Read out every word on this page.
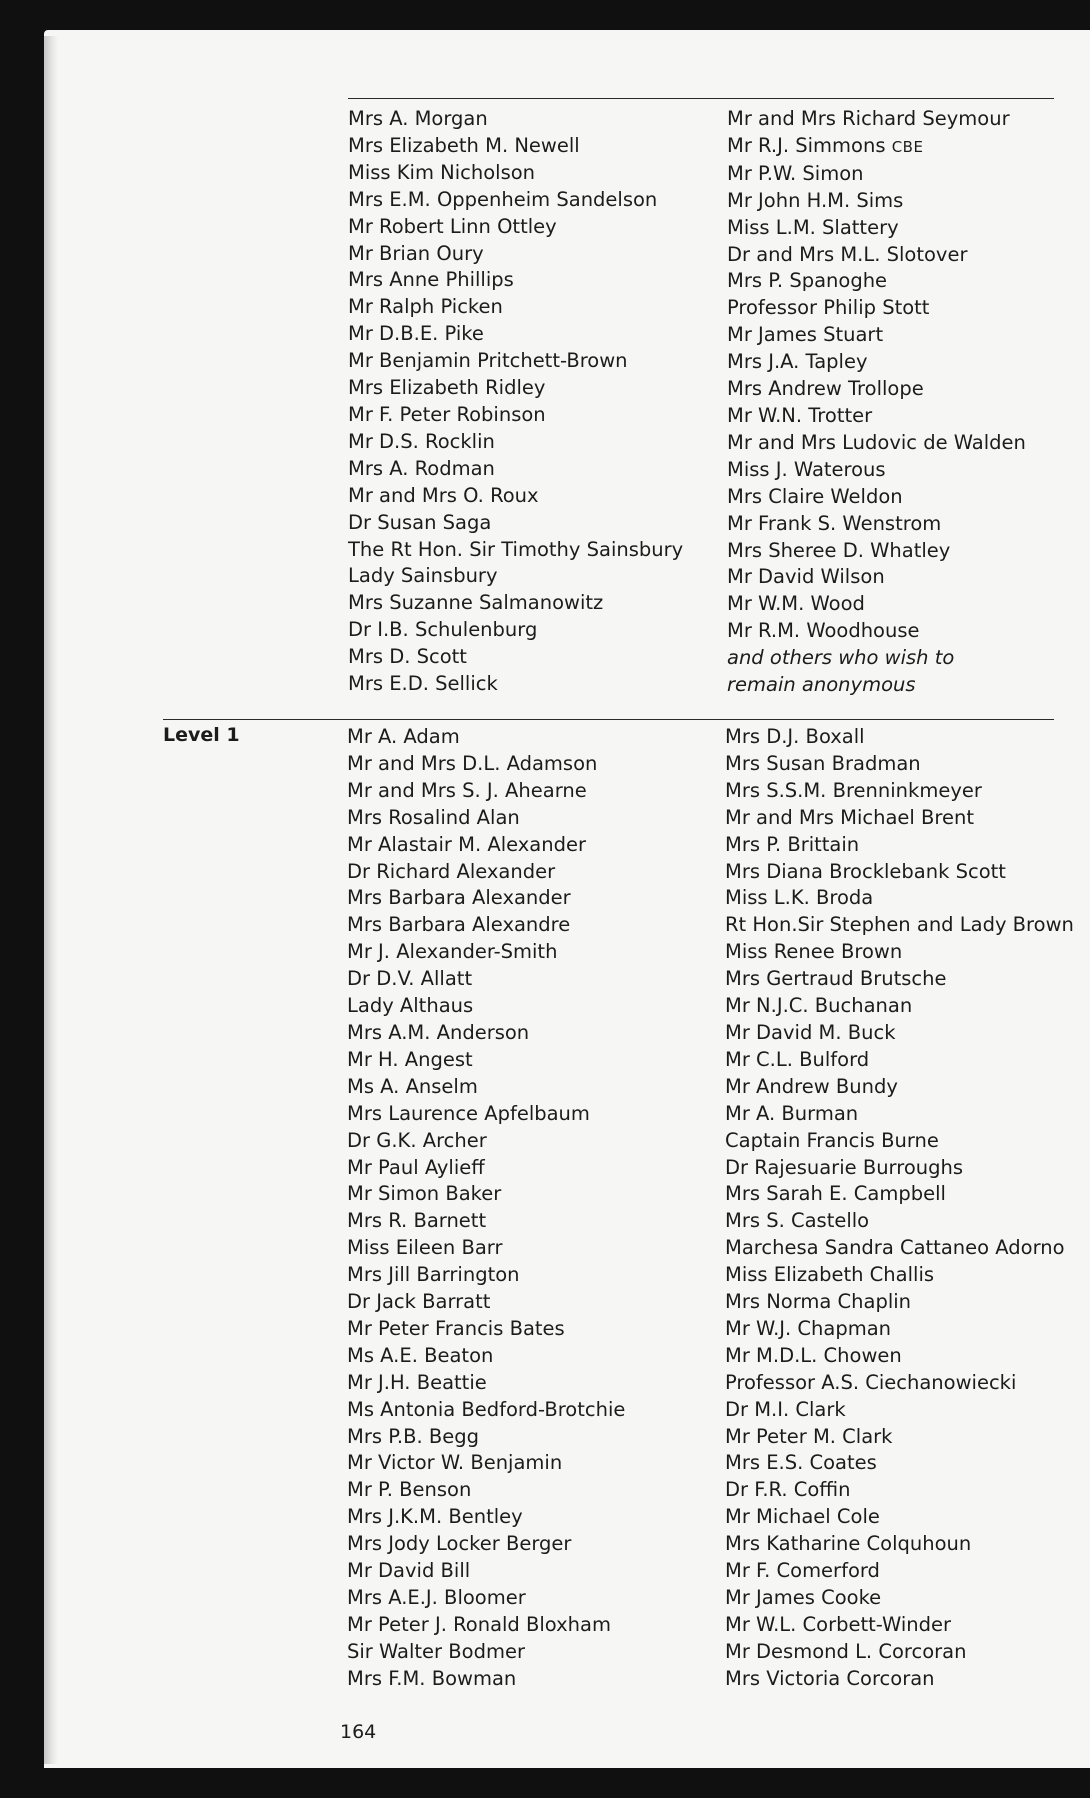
Mrs A. Morgan
Mrs Elizabeth M. Newell
Miss Kim Nicholson
Mrs E.M. Oppenheim Sandelson
Mr Robert Linn Ottley
Mr Brian Oury
Mrs Anne Phillips
Mr Ralph Picken
Mr D.B.E. Pike
Mr Benjamin Pritchett-Brown
Mrs Elizabeth Ridley
Mr F. Peter Robinson
Mr D.S. Rocklin
Mrs A. Rodman
Mr and Mrs O. Roux
Dr Susan Saga
The Rt Hon. Sir Timothy Sainsbury
Lady Sainsbury
Mrs Suzanne Salmanowitz
Dr I.B. Schulenburg
Mrs D. Scott
Mrs E.D. Sellick
Mr and Mrs Richard Seymour
Mr R.J. Simmons CBE
Mr P.W. Simon
Mr John H.M. Sims
Miss L.M. Slattery
Dr and Mrs M.L. Slotover
Mrs P. Spanoghe
Professor Philip Stott
Mr James Stuart
Mrs J.A. Tapley
Mrs Andrew Trollope
Mr W.N. Trotter
Mr and Mrs Ludovic de Walden
Miss J. Waterous
Mrs Claire Weldon
Mr Frank S. Wenstrom
Mrs Sheree D. Whatley
Mr David Wilson
Mr W.M. Wood
Mr R.M. Woodhouse
and others who wish to
remain anonymous
Level 1	Mr A. Adam
Mr and Mrs D.L. Adamson
Mr and Mrs S. J. Ahearne
Mrs Rosalind Alan
Mr Alastair M. Alexander
Dr Richard Alexander
Mrs Barbara Alexander
Mrs Barbara Alexandre
Mr J. Alexander-Smith
Dr D.V. Allatt
Lady Althaus
Mrs A.M. Anderson
Mr H. Angest
Ms A. Anselm
Mrs Laurence Apfelbaum
Dr G.K. Archer
Mr Paul Aylieff
Mr Simon Baker
Mrs R. Barnett
Miss Eileen Barr
Mrs Jill Barrington
Dr Jack Barratt
Mr Peter Francis Bates
Ms A.E. Beaton
Mr J.H. Beattie
Ms Antonia Bedford-Brotchie
Mrs P.B. Begg
Mr Victor W. Benjamin
Mr P. Benson
Mrs J.K.M. Bentley
Mrs Jody Locker Berger
Mr David Bill
Mrs A.E.J. Bloomer
Mr Peter J. Ronald Bloxham
Sir Walter Bodmer
Mrs F.M. Bowman
Mrs D.J. Boxall
Mrs Susan Bradman
Mrs S.S.M. Brenninkmeyer
Mr and Mrs Michael Brent
Mrs P. Brittain
Mrs Diana Brocklebank Scott
Miss L.K. Broda
Rt Hon.Sir Stephen and Lady Brown
Miss Renee Brown
Mrs Gertraud Brutsche
Mr N.J.C. Buchanan
Mr David M. Buck
Mr C.L. Bulford
Mr Andrew Bundy
Mr A. Burman
Captain Francis Burne
Dr Rajesuarie Burroughs
Mrs Sarah E. Campbell
Mrs S. Castello
Marchesa Sandra Cattaneo Adorno
Miss Elizabeth Challis
Mrs Norma Chaplin
Mr W.J. Chapman
Mr M.D.L. Chowen
Professor A.S. Ciechanowiecki
Dr M.I. Clark
Mr Peter M. Clark
Mrs E.S. Coates
Dr F.R. Coffin
Mr Michael Cole
Mrs Katharine Colquhoun
Mr F. Comerford
Mr James Cooke
Mr W.L. Corbett-Winder
Mr Desmond L. Corcoran
Mrs Victoria Corcoran
164
